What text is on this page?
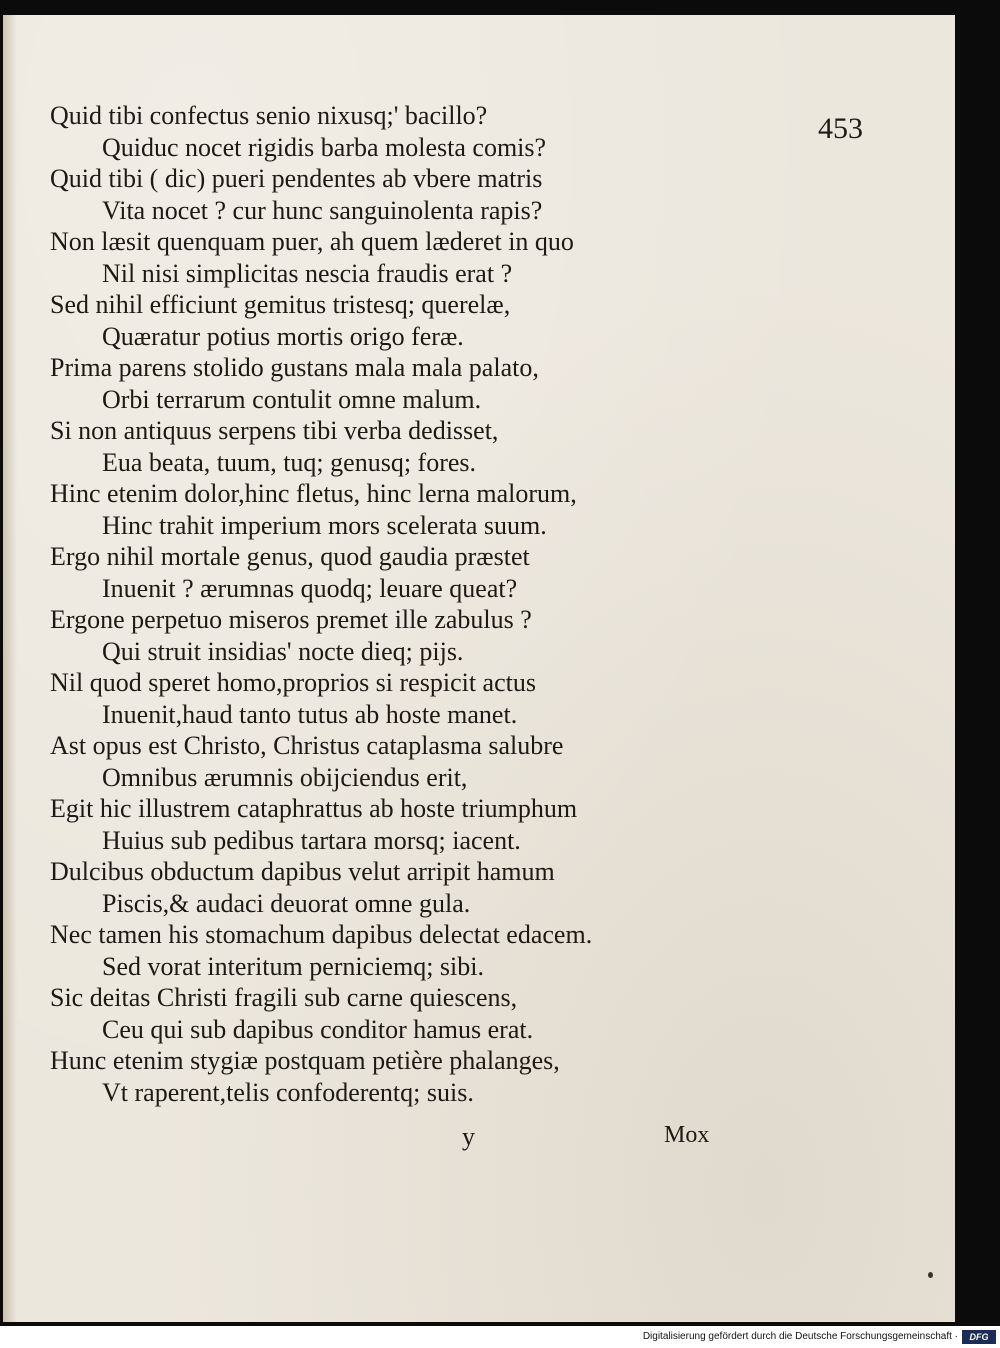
453
Quid tibi confectus senio nixusq;' bacillo?
Quiduc nocet rigidis barba molesta comis?
Quid tibi ( dic) pueri pendentes ab vbere matris
Vita nocet ? cur hunc sanguinolenta rapis?
Non læsit quenquam puer, ah quem læderet in quo
Nil nisi simplicitas nescia fraudis erat ?
Sed nihil efficiunt gemitus tristesq; querelæ,
Quæratur potius mortis origo feræ.
Prima parens stolido gustans mala mala palato,
Orbi terrarum contulit omne malum.
Si non antiquus serpens tibi verba dedisset,
Eua beata, tuum, tuq; genusq; fores.
Hinc etenim dolor,hinc fletus, hinc lerna malorum,
Hinc trahit imperium mors scelerata suum.
Ergo nihil mortale genus, quod gaudia præstet
Inuenit ? ærumnas quodq; leuare queat?
Ergone perpetuo miseros premet ille zabulus ?
Qui struit insidias' nocte dieq; pijs.
Nil quod speret homo,proprios si respicit actus
Inuenit,haud tanto tutus ab hoste manet.
Ast opus est Christo, Christus cataplasma salubre
Omnibus ærumnis obijciendus erit,
Egit hic illustrem cataphrattus ab hoste triumphum
Huius sub pedibus tartara morsq; iacent.
Dulcibus obductum dapibus velut arripit hamum
Piscis,& audaci deuorat omne gula.
Nec tamen his stomachum dapibus delectat edacem.
Sed vorat interitum perniciemq; sibi.
Sic deitas Christi fragili sub carne quiescens,
Ceu qui sub dapibus conditor hamus erat.
Hunc etenim stygiæ postquam petière phalanges,
Vt raperent,telis confoderentq; suis.
y	Mox
Digitalisierung gefördert durch die Deutsche Forschungsgemeinschaft ·	DFG
